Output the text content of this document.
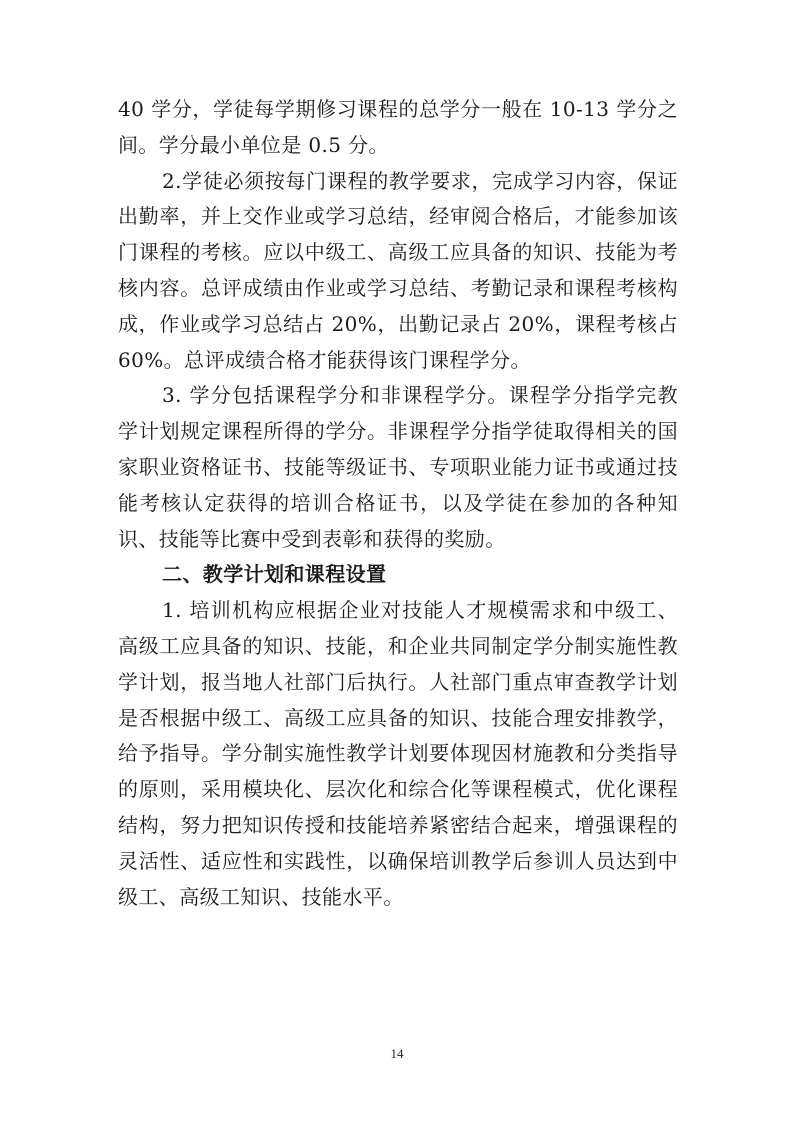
40 学分，学徒每学期修习课程的总学分一般在 10-13 学分之间。学分最小单位是 0.5 分。

2.学徒必须按每门课程的教学要求，完成学习内容，保证出勤率，并上交作业或学习总结，经审阅合格后，才能参加该门课程的考核。应以中级工、高级工应具备的知识、技能为考核内容。总评成绩由作业或学习总结、考勤记录和课程考核构成，作业或学习总结占 20%，出勤记录占 20%，课程考核占 60%。总评成绩合格才能获得该门课程学分。

3. 学分包括课程学分和非课程学分。课程学分指学完教学计划规定课程所得的学分。非课程学分指学徒取得相关的国家职业资格证书、技能等级证书、专项职业能力证书或通过技能考核认定获得的培训合格证书，以及学徒在参加的各种知识、技能等比赛中受到表彰和获得的奖励。

二、教学计划和课程设置

1. 培训机构应根据企业对技能人才规模需求和中级工、高级工应具备的知识、技能，和企业共同制定学分制实施性教学计划，报当地人社部门后执行。人社部门重点审查教学计划是否根据中级工、高级工应具备的知识、技能合理安排教学，给予指导。学分制实施性教学计划要体现因材施教和分类指导的原则，采用模块化、层次化和综合化等课程模式，优化课程结构，努力把知识传授和技能培养紧密结合起来，增强课程的灵活性、适应性和实践性，以确保培训教学后参训人员达到中级工、高级工知识、技能水平。

14
